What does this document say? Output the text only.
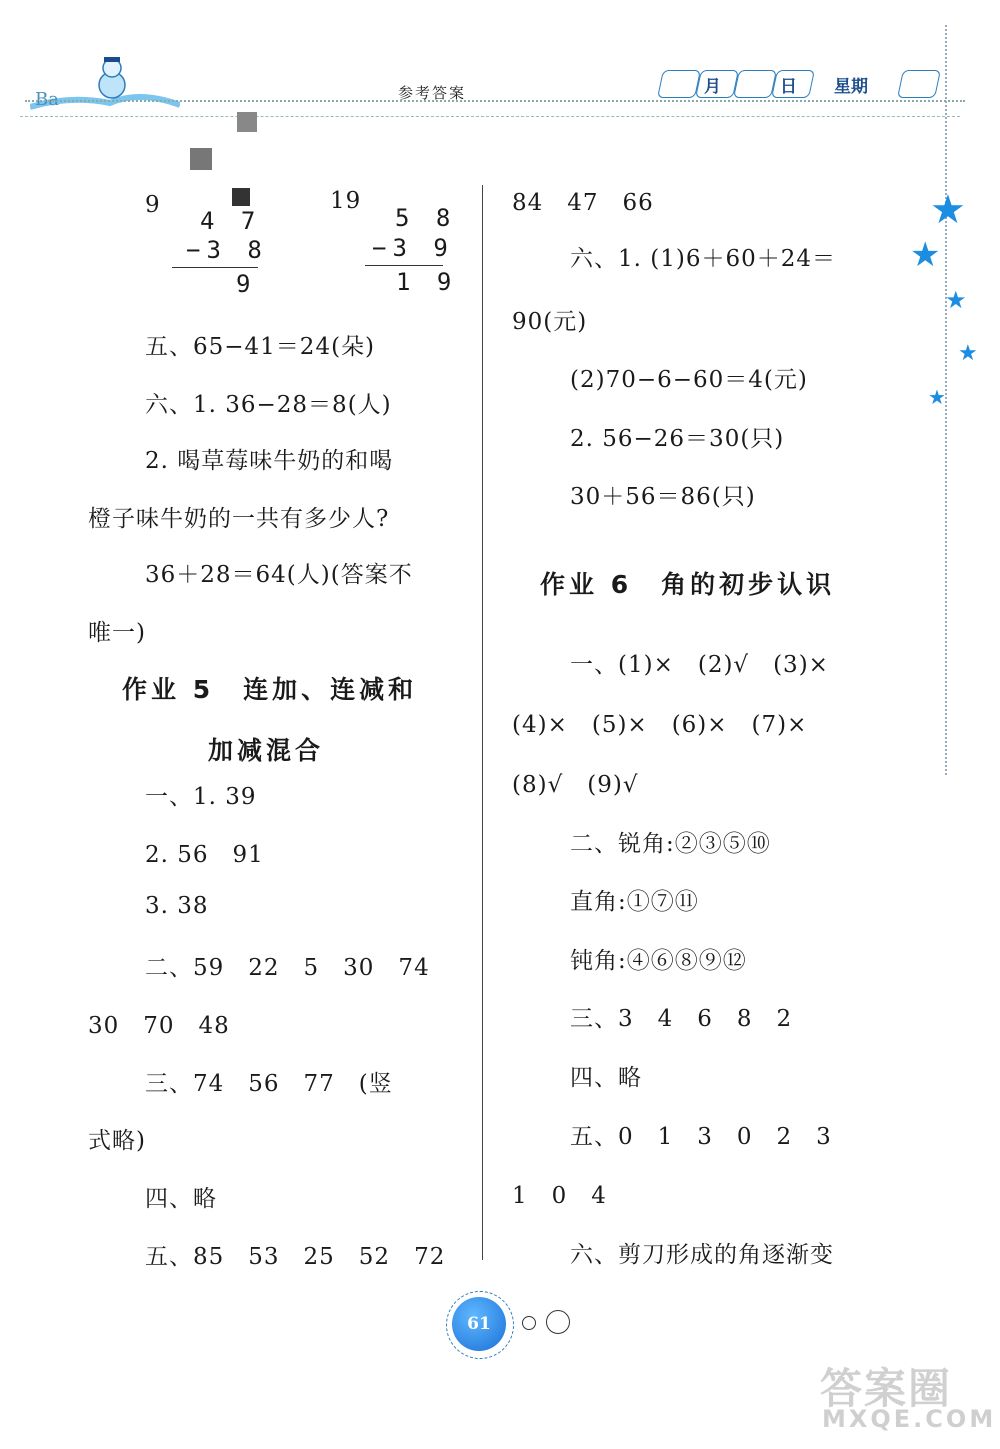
Ba	参考答案	月	日 星期
★
★
★
★
★
9	19
4 7
−3 8
9
5 8
−3 9
1 9
五、65−41＝24(朵)
六、1. 36−28＝8(人)
2. 喝草莓味牛奶的和喝
橙子味牛奶的一共有多少人?
36＋28＝64(人)(答案不
唯一)
作业 5　连加、连减和
加减混合
一、1. 39
2. 56　91
3. 38
二、59　22　5　30　74
30　70　48
三、74　56　77　(竖
式略)
四、略
五、85　53　25　52　72
84　47　66
六、1. (1)6＋60＋24＝
90(元)
(2)70−6−60＝4(元)
2. 56−26＝30(只)
30＋56＝86(只)
作业 6　角的初步认识
一、(1)×　(2)√　(3)×
(4)×　(5)×　(6)×　(7)×
(8)√　(9)√
二、锐角:②③⑤⑩
直角:①⑦⑪
钝角:④⑥⑧⑨⑫
三、3　4　6　8　2
四、略
五、0　1　3　0　2　3
1　0　4
六、剪刀形成的角逐渐变
61
答案圈
MXQE.COM
